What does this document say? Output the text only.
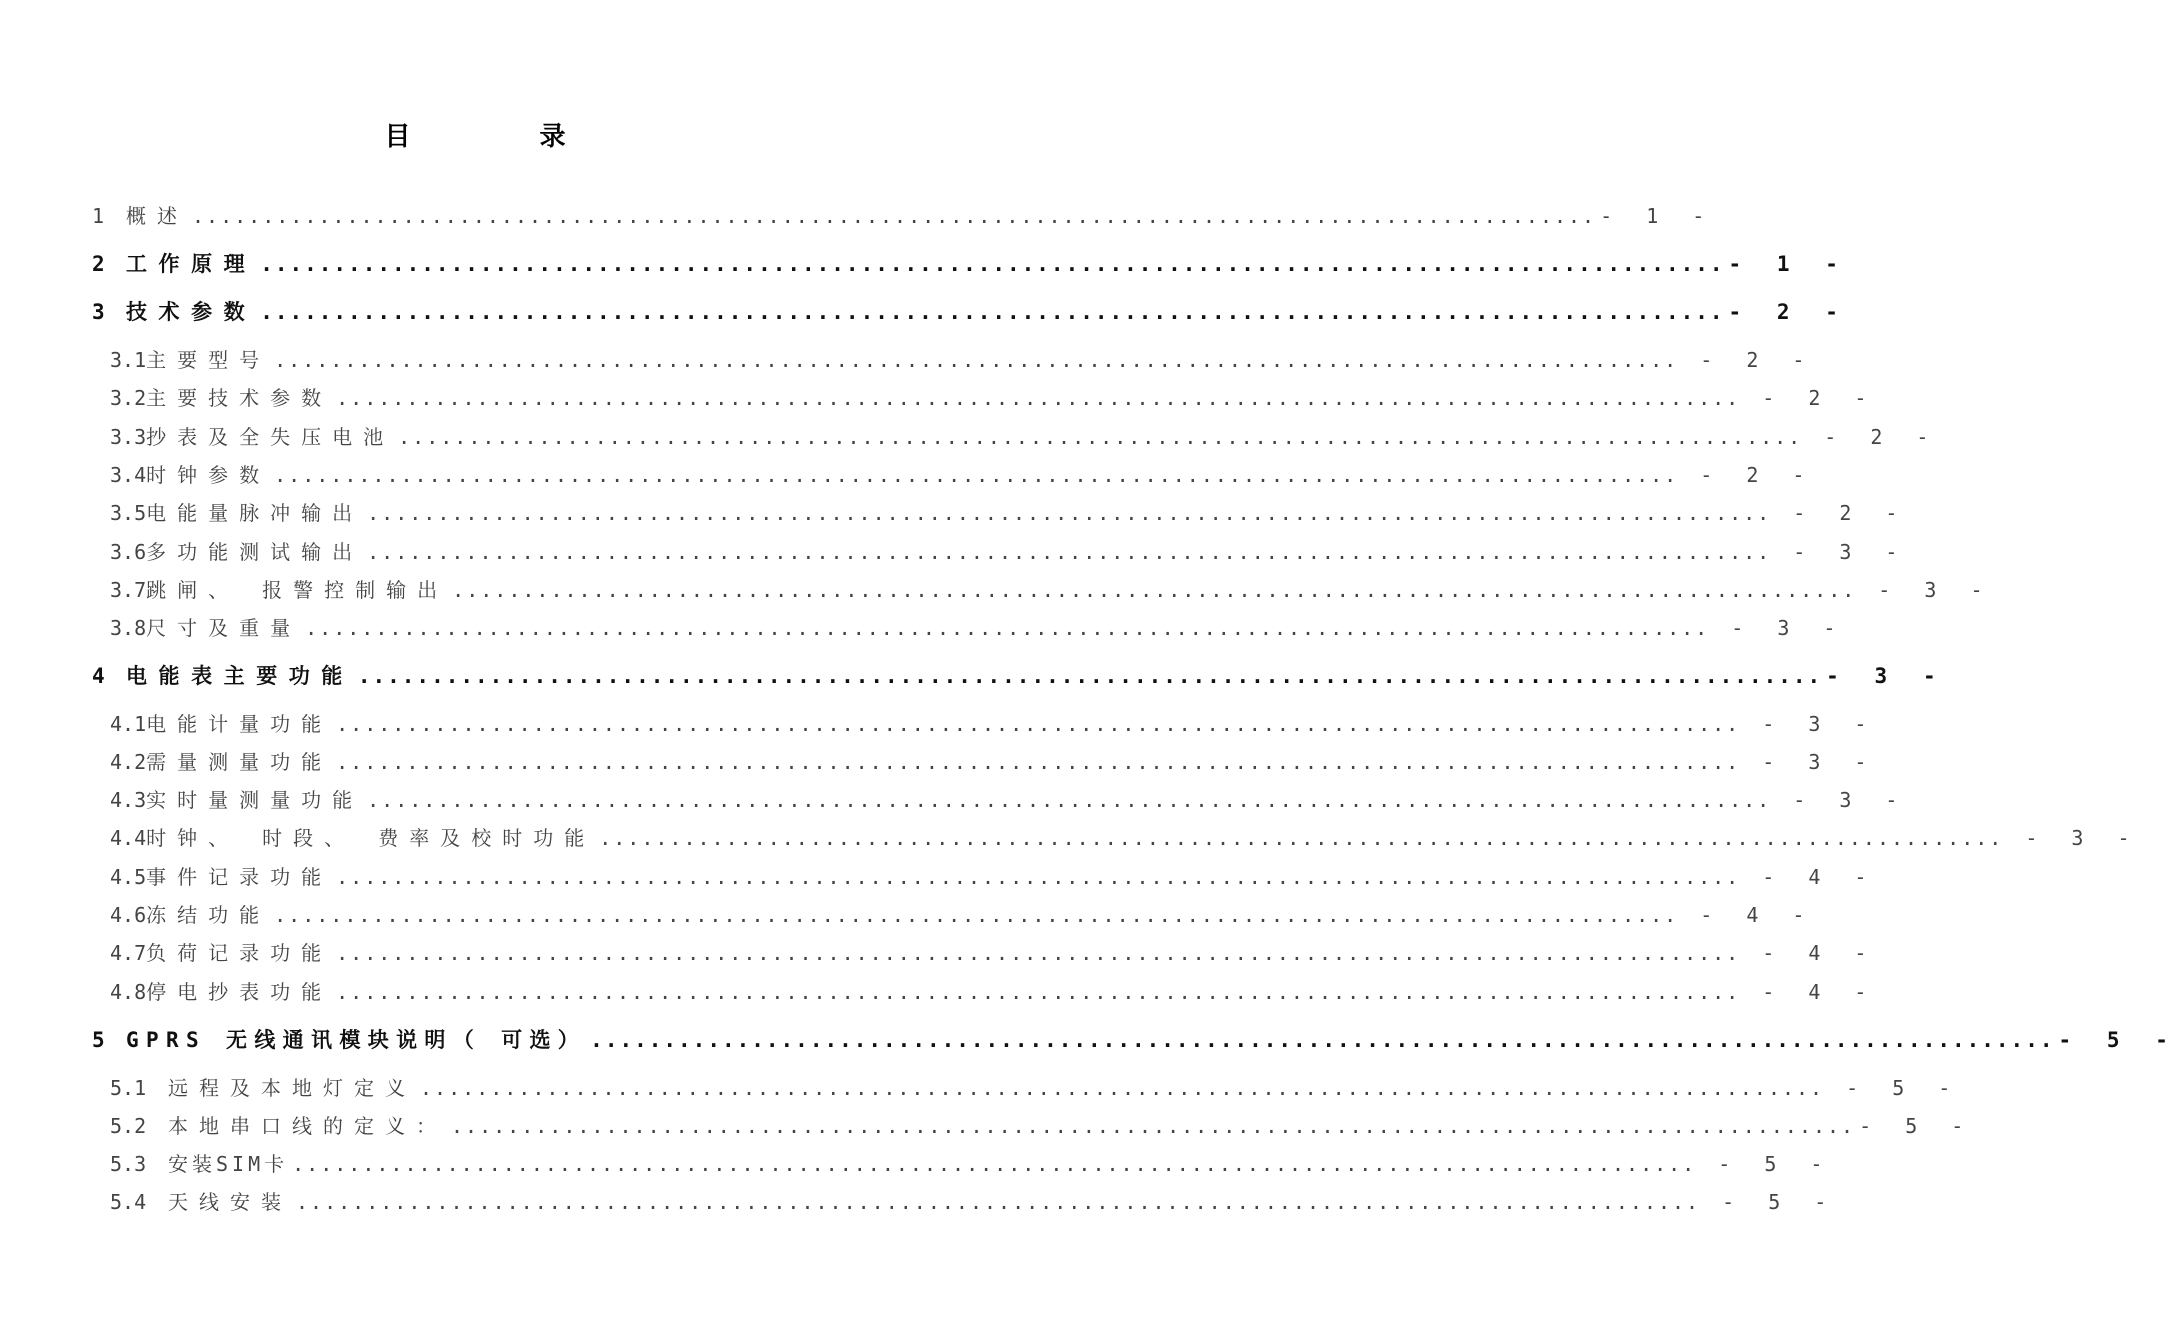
目 录
1	概述 .................................................................................................... - 1 -
2	工作原理 .................................................................................................... - 1 -
3	技术参数 .................................................................................................... - 2 -
3.1 主要型号 .................................................................................................... - 2 -
3.2 主要技术参数 .................................................................................................... - 2 -
3.3 抄表及全失压电池 .................................................................................................... - 2 -
3.4 时钟参数 .................................................................................................... - 2 -
3.5 电能量脉冲输出 .................................................................................................... - 2 -
3.6 多功能测试输出 .................................................................................................... - 3 -
3.7 跳闸、 报警控制输出 .................................................................................................... - 3 -
3.8 尺寸及重量 .................................................................................................... - 3 -
4	电能表主要功能 .................................................................................................... - 3 -
4.1 电能计量功能 .................................................................................................... - 3 -
4.2 需量测量功能 .................................................................................................... - 3 -
4.3 实时量测量功能 .................................................................................................... - 3 -
4.4 时钟、 时段、 费率及校时功能 .................................................................................................... - 3 -
4.5 事件记录功能 .................................................................................................... - 4 -
4.6 冻结功能 .................................................................................................... - 4 -
4.7 负荷记录功能 .................................................................................................... - 4 -
4.8 停电抄表功能 .................................................................................................... - 4 -
5	GPRS 无线通讯模块说明（ 可选） .................................................................................................... - 5 -
5.1	远程及本地灯定义 .................................................................................................... - 5 -
5.2	本地串口线的定义： .................................................................................................... - 5 -
5.3	安装SIM卡 .................................................................................................... - 5 -
5.4	天线安装 .................................................................................................... - 5 -
